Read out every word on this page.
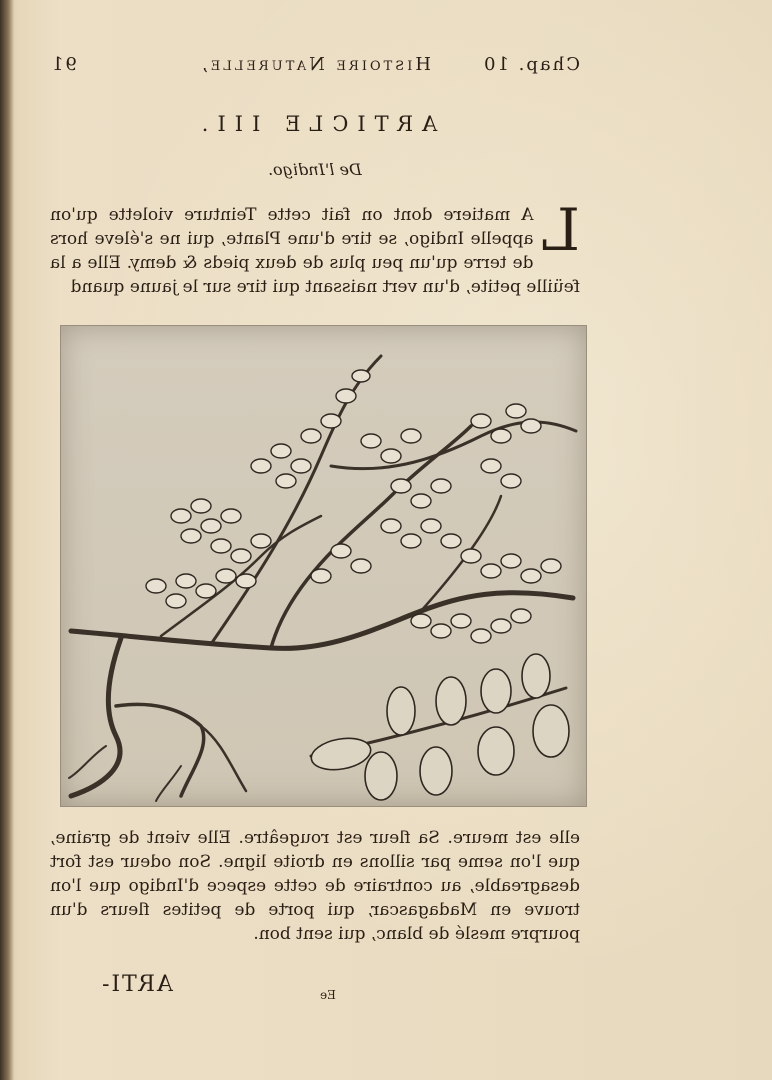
Chap. 10
Histoire Naturelle,
91
ARTICLE III.
De l'Indigo.
L
A matiere dont on fait cette Teinture violette qu'on appelle Indigo, se tire d'une Plante, qui ne s'éleve hors de terre qu'un peu plus de deux pieds & demy. Elle a la feüille petite, d'un vert naissant qui tire sur le jaune quand
elle est meure. Sa fleur est rougeâtre. Elle vient de graine, que l'on seme par sillons en droite ligne. Son odeur est fort desagreable, au contraire de cette espece d'Indigo que l'on trouve en Madagascar, qui porte de petites fleurs d'un pourpre meslé de blanc, qui sent bon.
ARTI-	Ee
